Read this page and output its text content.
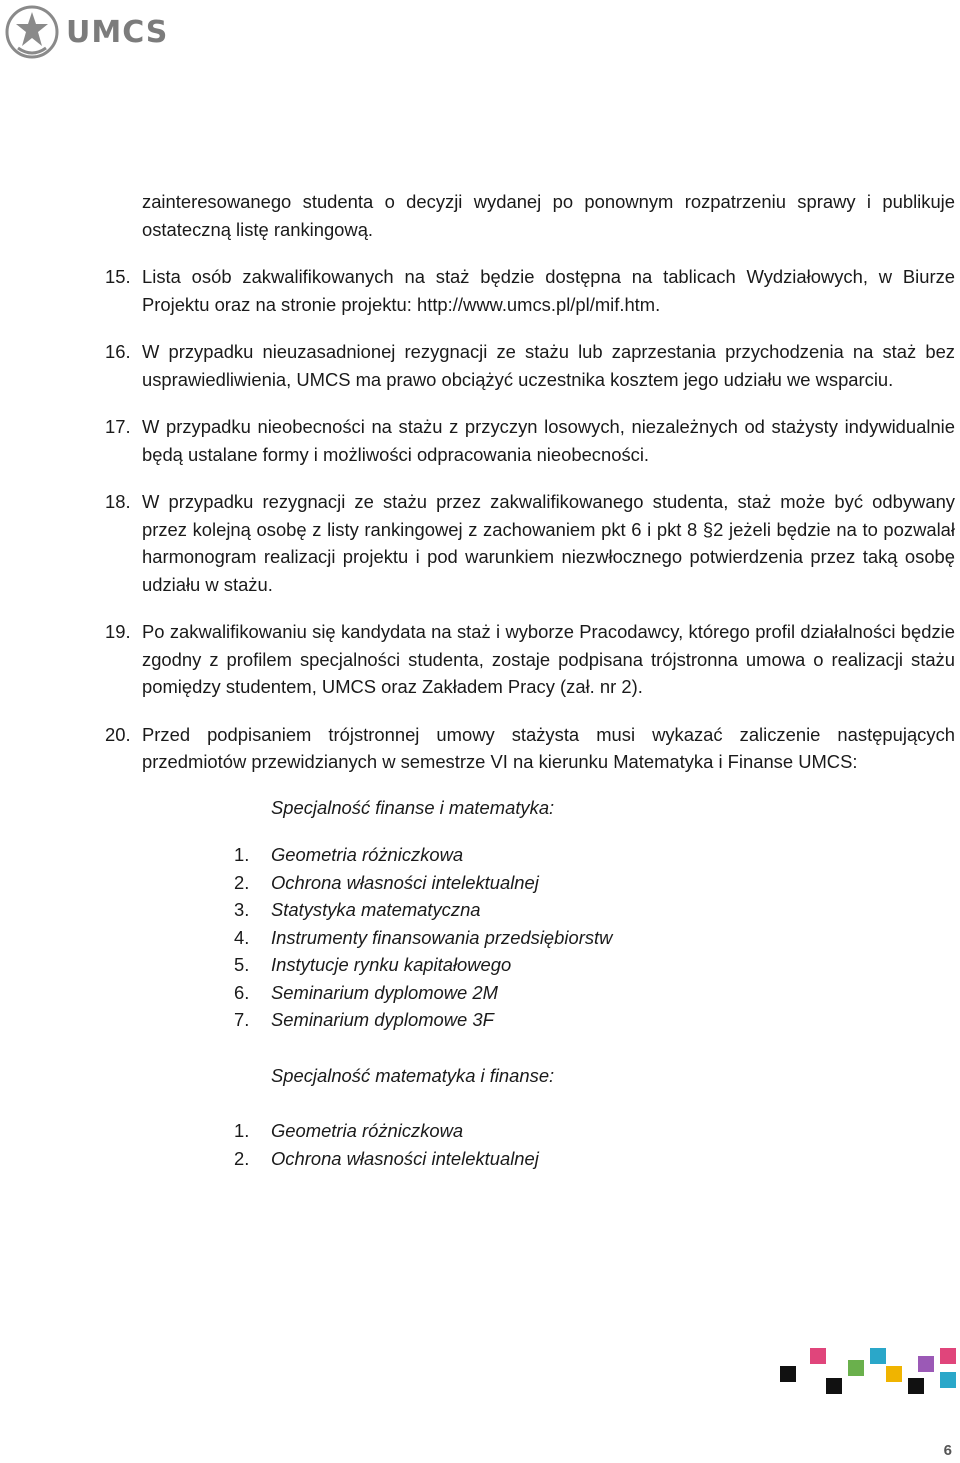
UMCS
zainteresowanego studenta o decyzji wydanej po ponownym rozpatrzeniu sprawy i publikuje ostateczną listę rankingową.
15. Lista osób zakwalifikowanych na staż będzie dostępna na tablicach Wydziałowych, w Biurze Projektu oraz na stronie projektu: http://www.umcs.pl/pl/mif.htm.
16. W przypadku nieuzasadnionej rezygnacji ze stażu lub zaprzestania przychodzenia na staż bez usprawiedliwienia, UMCS ma prawo obciążyć uczestnika kosztem jego udziału we wsparciu.
17. W przypadku nieobecności na stażu z przyczyn losowych, niezależnych od stażysty indywidualnie będą ustalane formy i możliwości odpracowania nieobecności.
18. W przypadku rezygnacji ze stażu przez zakwalifikowanego studenta, staż może być odbywany przez kolejną osobę z listy rankingowej z zachowaniem pkt 6 i pkt 8 §2 jeżeli będzie na to pozwalał harmonogram realizacji projektu i pod warunkiem niezwłocznego potwierdzenia przez taką osobę udziału w stażu.
19. Po zakwalifikowaniu się kandydata na staż i wyborze Pracodawcy, którego profil działalności będzie zgodny z profilem specjalności studenta, zostaje podpisana trójstronna umowa o realizacji stażu pomiędzy studentem, UMCS oraz Zakładem Pracy (zał. nr 2).
20. Przed podpisaniem trójstronnej umowy stażysta musi wykazać zaliczenie następujących przedmiotów przewidzianych w semestrze VI na kierunku Matematyka i Finanse UMCS:

Specjalność finanse i matematyka:

1. Geometria różniczkowa
2. Ochrona własności intelektualnej
3. Statystyka matematyczna
4. Instrumenty finansowania przedsiębiorstw
5. Instytucje rynku kapitałowego
6. Seminarium dyplomowe 2M
7. Seminarium dyplomowe 3F

Specjalność matematyka i finanse:

1. Geometria różniczkowa
2. Ochrona własności intelektualnej
6
